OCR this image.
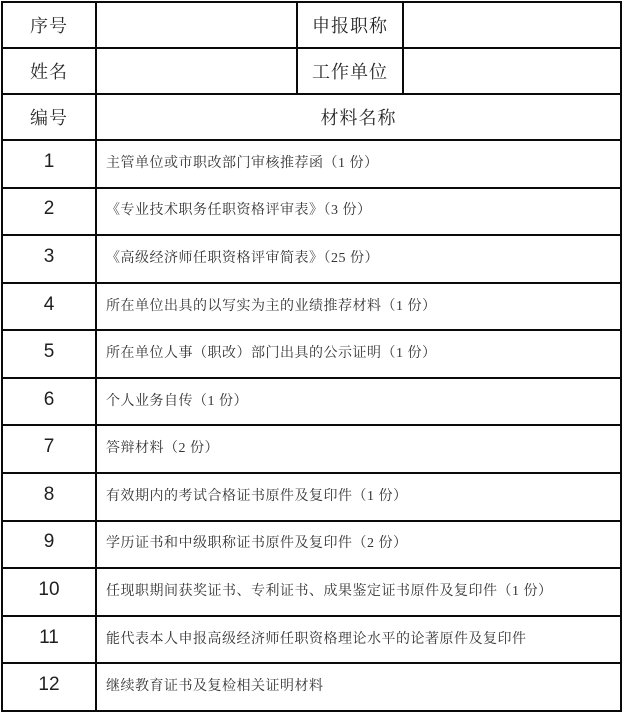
序号		申报职称	
姓名		工作单位	
编号	材料名称		
1	主管单位或市职改部门审核推荐函（1 份）		
2	《专业技术职务任职资格评审表》（3 份）		
3	《高级经济师任职资格评审简表》（25 份）		
4	所在单位出具的以写实为主的业绩推荐材料（1 份）		
5	所在单位人事（职改）部门出具的公示证明（1 份）		
6	个人业务自传（1 份）		
7	答辩材料（2 份）		
8	有效期内的考试合格证书原件及复印件（1 份）		
9	学历证书和中级职称证书原件及复印件（2 份）		
10	任现职期间获奖证书、专利证书、成果鉴定证书原件及复印件（1 份）		
11	能代表本人申报高级经济师任职资格理论水平的论著原件及复印件		
12	继续教育证书及复检相关证明材料		
